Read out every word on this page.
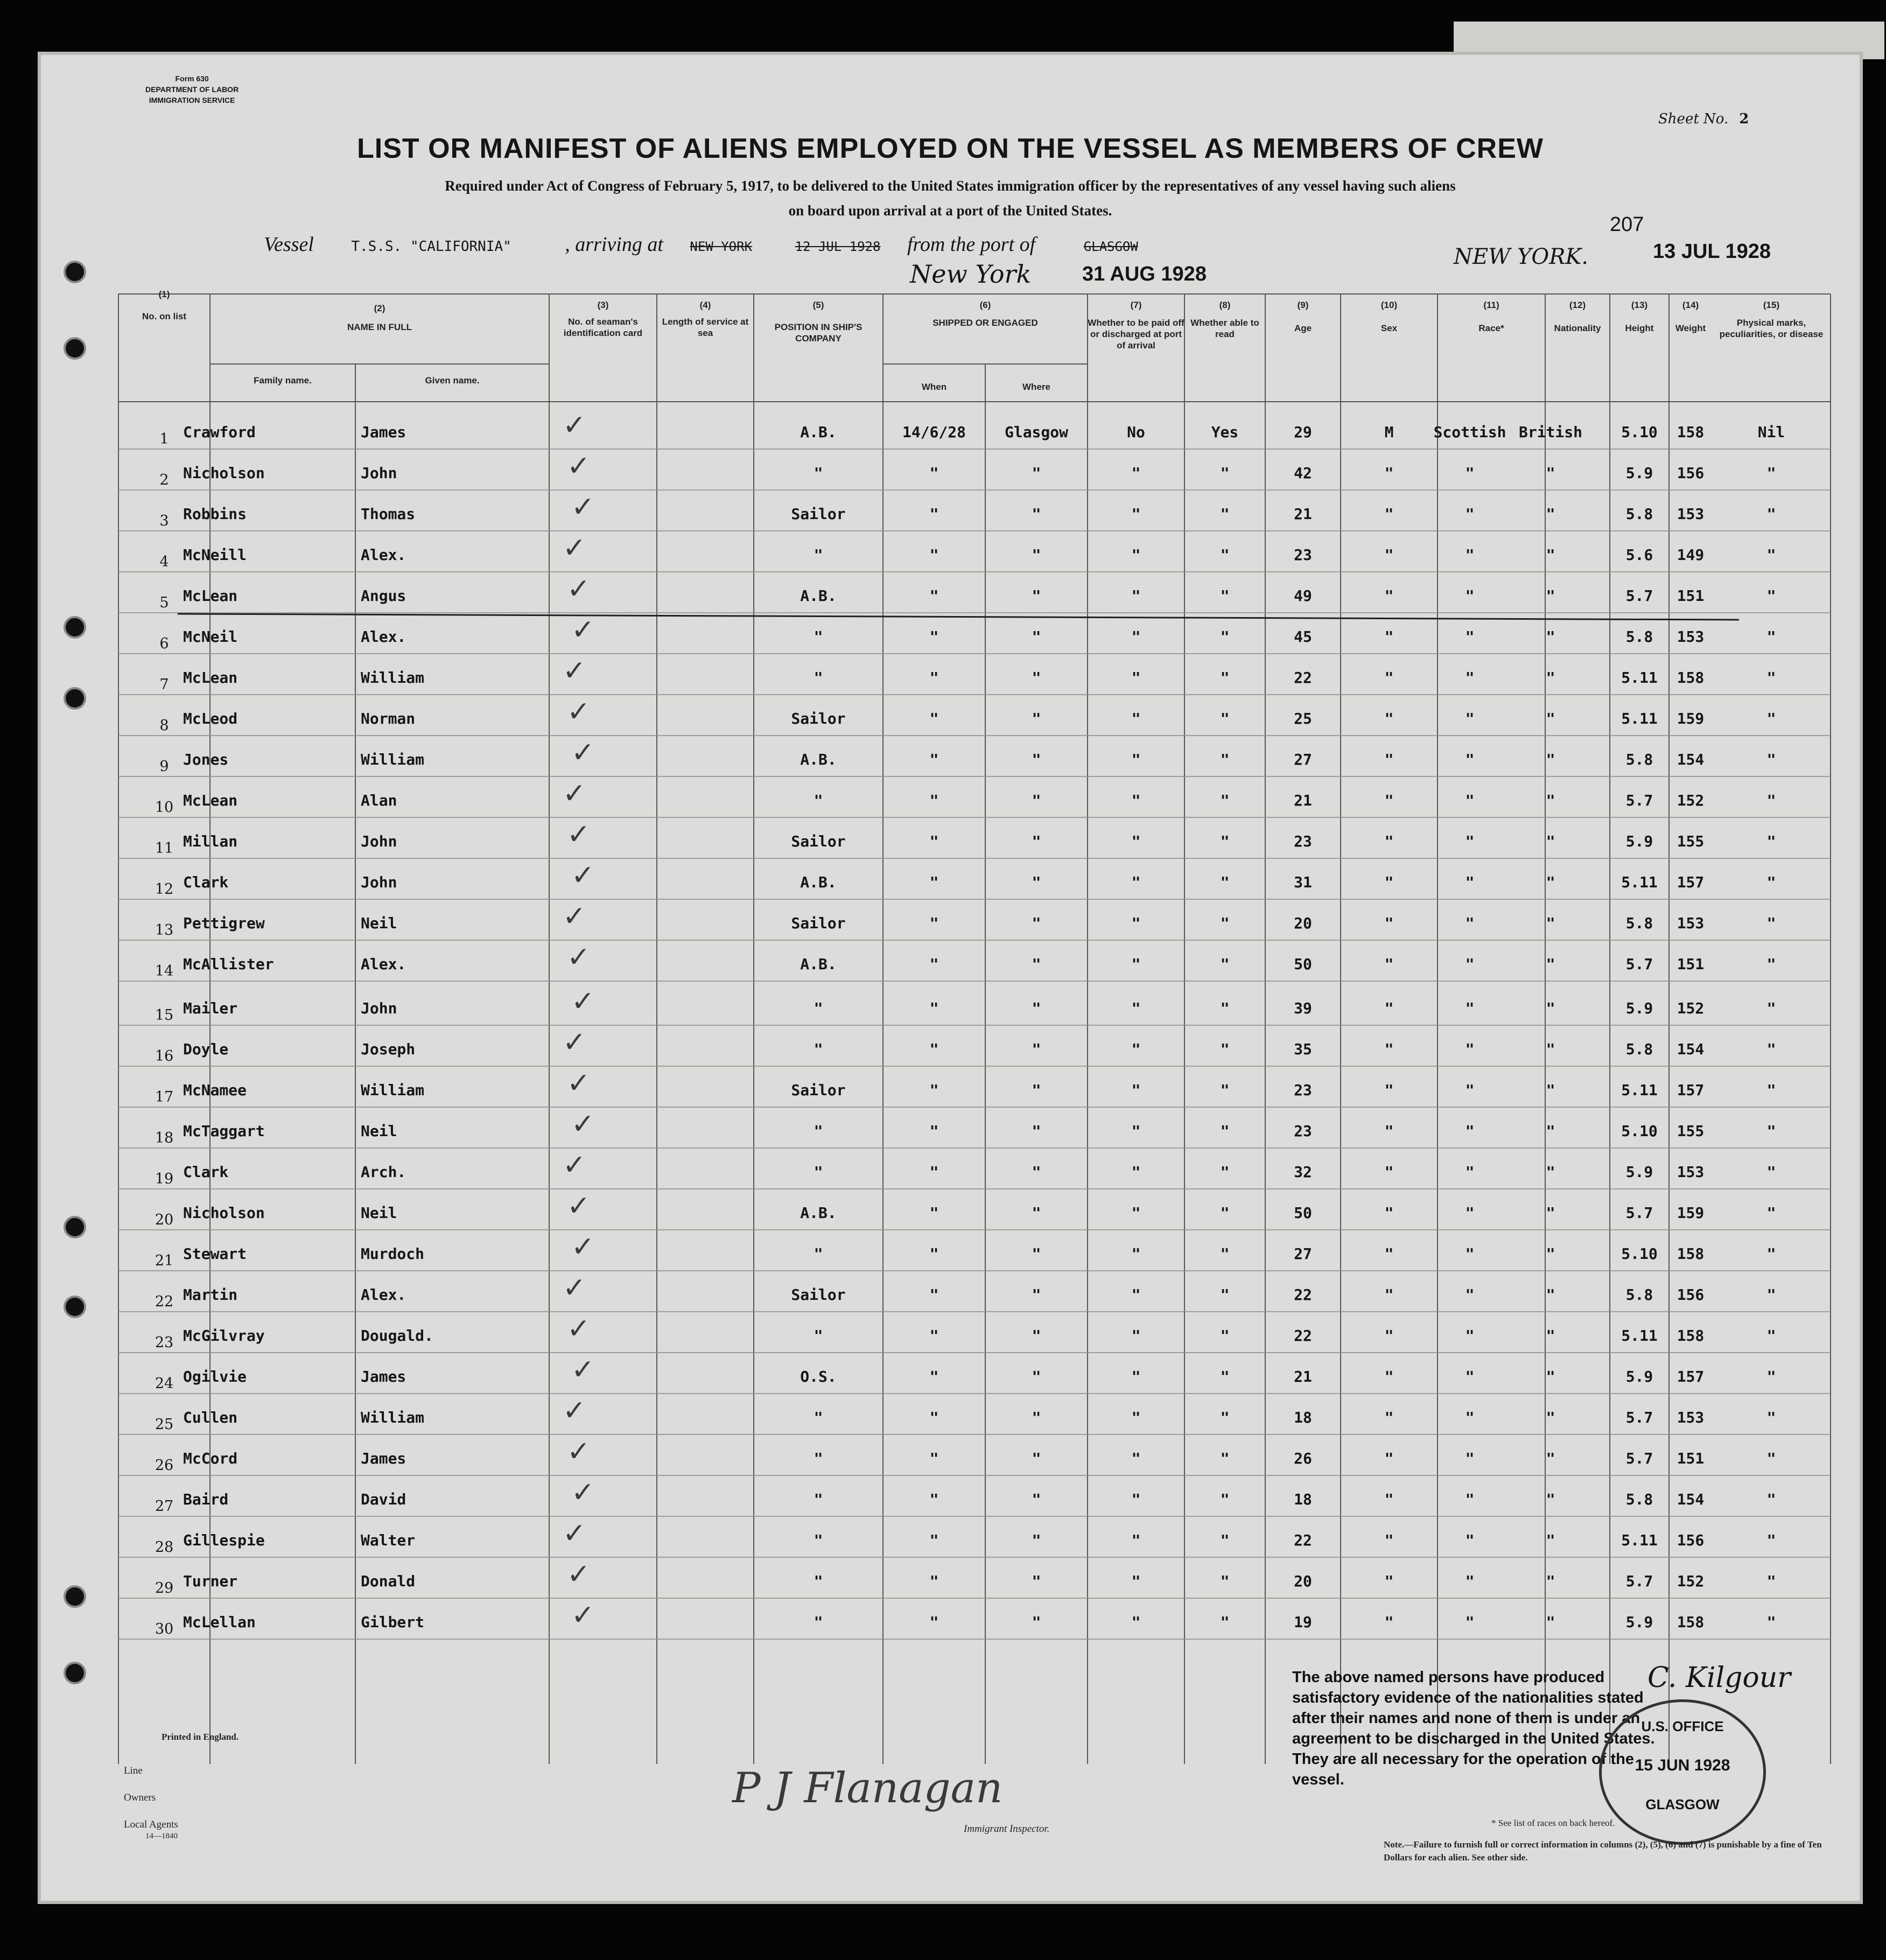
Form 630
DEPARTMENT OF LABOR
IMMIGRATION SERVICE
Sheet No. 2
LIST OR MANIFEST OF ALIENS EMPLOYED ON THE VESSEL AS MEMBERS OF CREW
Required under Act of Congress of February 5, 1917, to be delivered to the United States immigration officer by the representatives of any vessel having such aliens
on board upon arrival at a port of the United States.
Vessel	T.S.S. "CALIFORNIA"	, arriving at NEW YORK	12 JUL 1928 from the port of	GLASGOW
New York 31 AUG 1928
NEW YORK.
207
13 JUL 1928
(1)
No. on list
(2)
NAME IN FULL
Family name.	Given name.
(3)
No. of seaman's identification card
(4)
Length of service at sea
(5)
POSITION IN SHIP'S COMPANY
(6)
SHIPPED OR ENGAGED
When	Where
(7)
Whether to be paid off or discharged at port of arrival
(8)
Whether able to read
(9)
Age
(10)
Sex
(11)
Race*
(12)
Nationality
(13)
Height
(14)
Weight
(15)
Physical marks, peculiarities, or disease
1 Crawford	James	A.B.	14/6/28	Glasgow	No	Yes	29	M	Scottish British	5.10	158	Nil
✓
2 Nicholson	John	"	"	"	"	"	42	"	"	"	5.9	156	"
✓
3 Robbins	Thomas	Sailor	"	"	"	"	21	"	"	"	5.8	153	"
✓
4 McNeill	Alex.	"	"	"	"	"	23	"	"	"	5.6	149	"
✓
5 McLean	Angus	A.B.	"	"	"	"	49	"	"	"	5.7	151	"
✓
6 McNeil	Alex.	"	"	"	"	"	45	"	"	"	5.8	153	"
✓
7 McLean	William	"	"	"	"	"	22	"	"	"	5.11	158	"
✓
8 McLeod	Norman	Sailor	"	"	"	"	25	"	"	"	5.11	159	"
✓
9 Jones	William	A.B.	"	"	"	"	27	"	"	"	5.8	154	"
✓
10 McLean	Alan	"	"	"	"	"	21	"	"	"	5.7	152	"
✓
11 Millan	John	Sailor	"	"	"	"	23	"	"	"	5.9	155	"
✓
12 Clark	John	A.B.	"	"	"	"	31	"	"	"	5.11	157	"
✓
13 Pettigrew	Neil	Sailor	"	"	"	"	20	"	"	"	5.8	153	"
✓
14 McAllister	Alex.	A.B.	"	"	"	"	50	"	"	"	5.7	151	"
✓
15 Mailer	John	"	"	"	"	"	39	"	"	"	5.9	152	"
✓
16 Doyle	Joseph	"	"	"	"	"	35	"	"	"	5.8	154	"
✓
17 McNamee	William	Sailor	"	"	"	"	23	"	"	"	5.11	157	"
✓
18 McTaggart	Neil	"	"	"	"	"	23	"	"	"	5.10	155	"
✓
19 Clark	Arch.	"	"	"	"	"	32	"	"	"	5.9	153	"
✓
20 Nicholson	Neil	A.B.	"	"	"	"	50	"	"	"	5.7	159	"
✓
21 Stewart	Murdoch	"	"	"	"	"	27	"	"	"	5.10	158	"
✓
22 Martin	Alex.	Sailor	"	"	"	"	22	"	"	"	5.8	156	"
✓
23 McGilvray	Dougald.	"	"	"	"	"	22	"	"	"	5.11	158	"
✓
24 Ogilvie	James	O.S.	"	"	"	"	21	"	"	"	5.9	157	"
✓
25 Cullen	William	"	"	"	"	"	18	"	"	"	5.7	153	"
✓
26 McCord	James	"	"	"	"	"	26	"	"	"	5.7	151	"
✓
27 Baird	David	"	"	"	"	"	18	"	"	"	5.8	154	"
✓
28 Gillespie	Walter	"	"	"	"	"	22	"	"	"	5.11	156	"
✓
29 Turner	Donald	"	"	"	"	"	20	"	"	"	5.7	152	"
✓
30 McLellan	Gilbert	"	"	"	"	"	19	"	"	"	5.9	158	"
✓
The above named persons have produced satisfactory evidence of the nationalities stated after their names and none of them is under an agreement to be discharged in the United States. They are all necessary for the operation of the vessel.
C. Kilgour
U.S. OFFICE
15 JUN 1928
GLASGOW
P J Flanagan
Printed in England.
Line
Owners
Local Agents
14—1840
Immigrant Inspector.
* See list of races on back hereof.
Note.—Failure to furnish full or correct information in columns (2), (5), (6) and (7) is punishable by a fine of Ten Dollars for each alien. See other side.
